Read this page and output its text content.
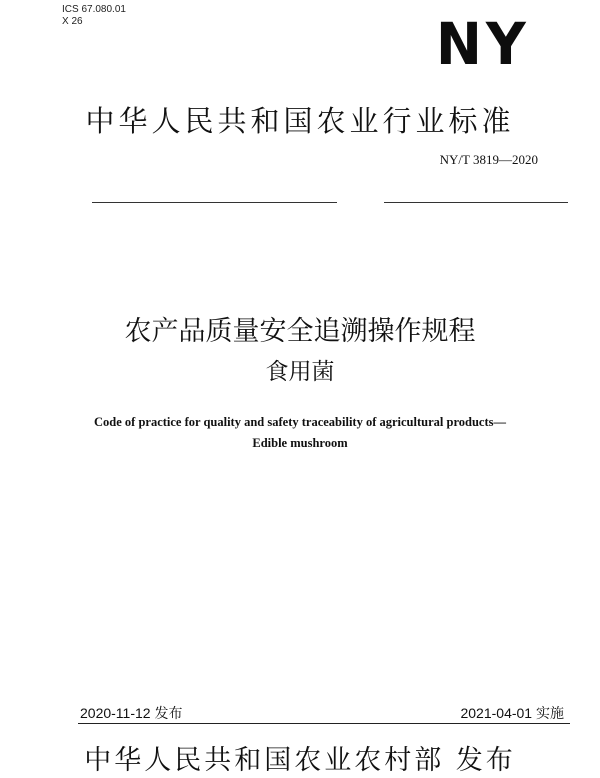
ICS 67.080.01
X 26	NY
中华人民共和国农业行业标准
NY/T 3819—2020
农产品质量安全追溯操作规程
食用菌
Code of practice for quality and safety traceability of agricultural products—
Edible mushroom
2020-11-12 发布	2021-04-01 实施
中华人民共和国农业农村部 发布
